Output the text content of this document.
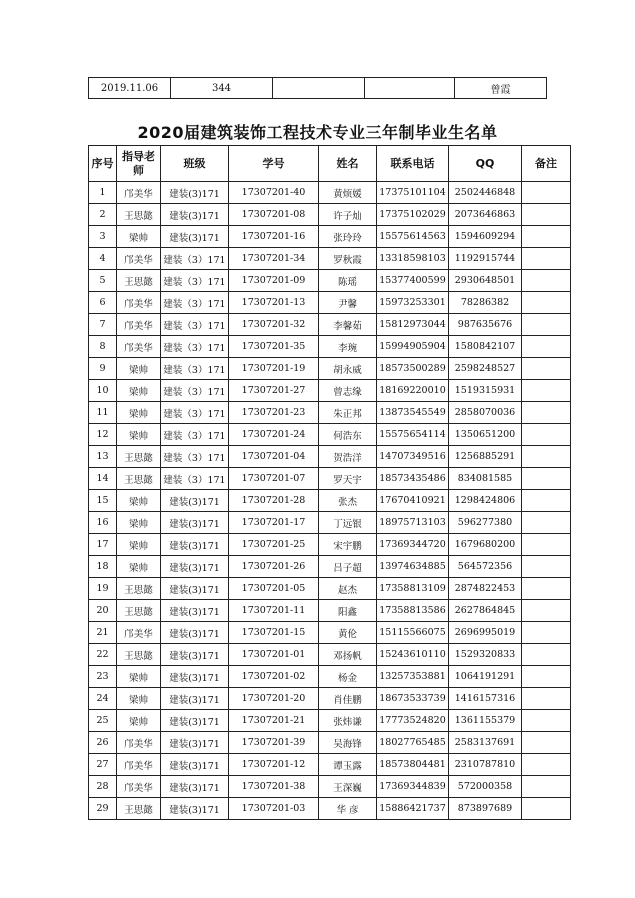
2019.11.06	344			曾霞
2020届建筑装饰工程技术专业三年制毕业生名单
序号	指导老师	班级	学号	姓名	联系电话	QQ	备注
1	邝美华	建装(3)171	17307201-40	黄烦媛	17375101104	2502446848	
2	王思懿	建装(3)171	17307201-08	许子灿	17375102029	2073646863	
3	梁帅	建装(3)171	17307201-16	张玲玲	15575614563	1594609294	
4	邝美华	建装（3）171	17307201-34	罗秋霞	13318598103	1192915744	
5	王思懿	建装（3）171	17307201-09	陈瑶	15377400599	2930648501	
6	邝美华	建装（3）171	17307201-13	尹馨	15973253301	78286382	
7	邝美华	建装（3）171	17307201-32	李馨茹	15812973044	987635676	
8	邝美华	建装（3）171	17307201-35	李琬	15994905904	1580842107	
9	梁帅	建装（3）171	17307201-19	胡永威	18573500289	2598248527	
10	梁帅	建装（3）171	17307201-27	曾志缘	18169220010	1519315931	
11	梁帅	建装（3）171	17307201-23	朱正邦	13873545549	2858070036	
12	梁帅	建装（3）171	17307201-24	何浩东	15575654114	1350651200	
13	王思懿	建装（3）171	17307201-04	贺浩洋	14707349516	1256885291	
14	王思懿	建装（3）171	17307201-07	罗天宇	18573435486	834081585	
15	梁帅	建装(3)171	17307201-28	张杰	17670410921	1298424806	
16	梁帅	建装(3)171	17307201-17	丁远银	18975713103	596277380	
17	梁帅	建装(3)171	17307201-25	宋宇鹏	17369344720	1679680200	
18	梁帅	建装(3)171	17307201-26	吕子超	13974634885	564572356	
19	王思懿	建装(3)171	17307201-05	赵杰	17358813109	2874822453	
20	王思懿	建装(3)171	17307201-11	阳鑫	17358813586	2627864845	
21	邝美华	建装(3)171	17307201-15	黄伦	15115566075	2696995019	
22	王思懿	建装(3)171	17307201-01	邓扬帆	15243610110	1529320833	
23	梁帅	建装(3)171	17307201-02	杨金	13257353881	1064191291	
24	梁帅	建装(3)171	17307201-20	肖佳鹏	18673533739	1416157316	
25	梁帅	建装(3)171	17307201-21	张炜谦	17773524820	1361155379	
26	邝美华	建装(3)171	17307201-39	吴海锋	18027765485	2583137691	
27	邝美华	建装(3)171	17307201-12	谭玉露	18573804481	2310787810	
28	邝美华	建装(3)171	17307201-38	王深巍	17369344839	572000358	
29	王思懿	建装(3)171	17307201-03	华 彦	15886421737	873897689	
